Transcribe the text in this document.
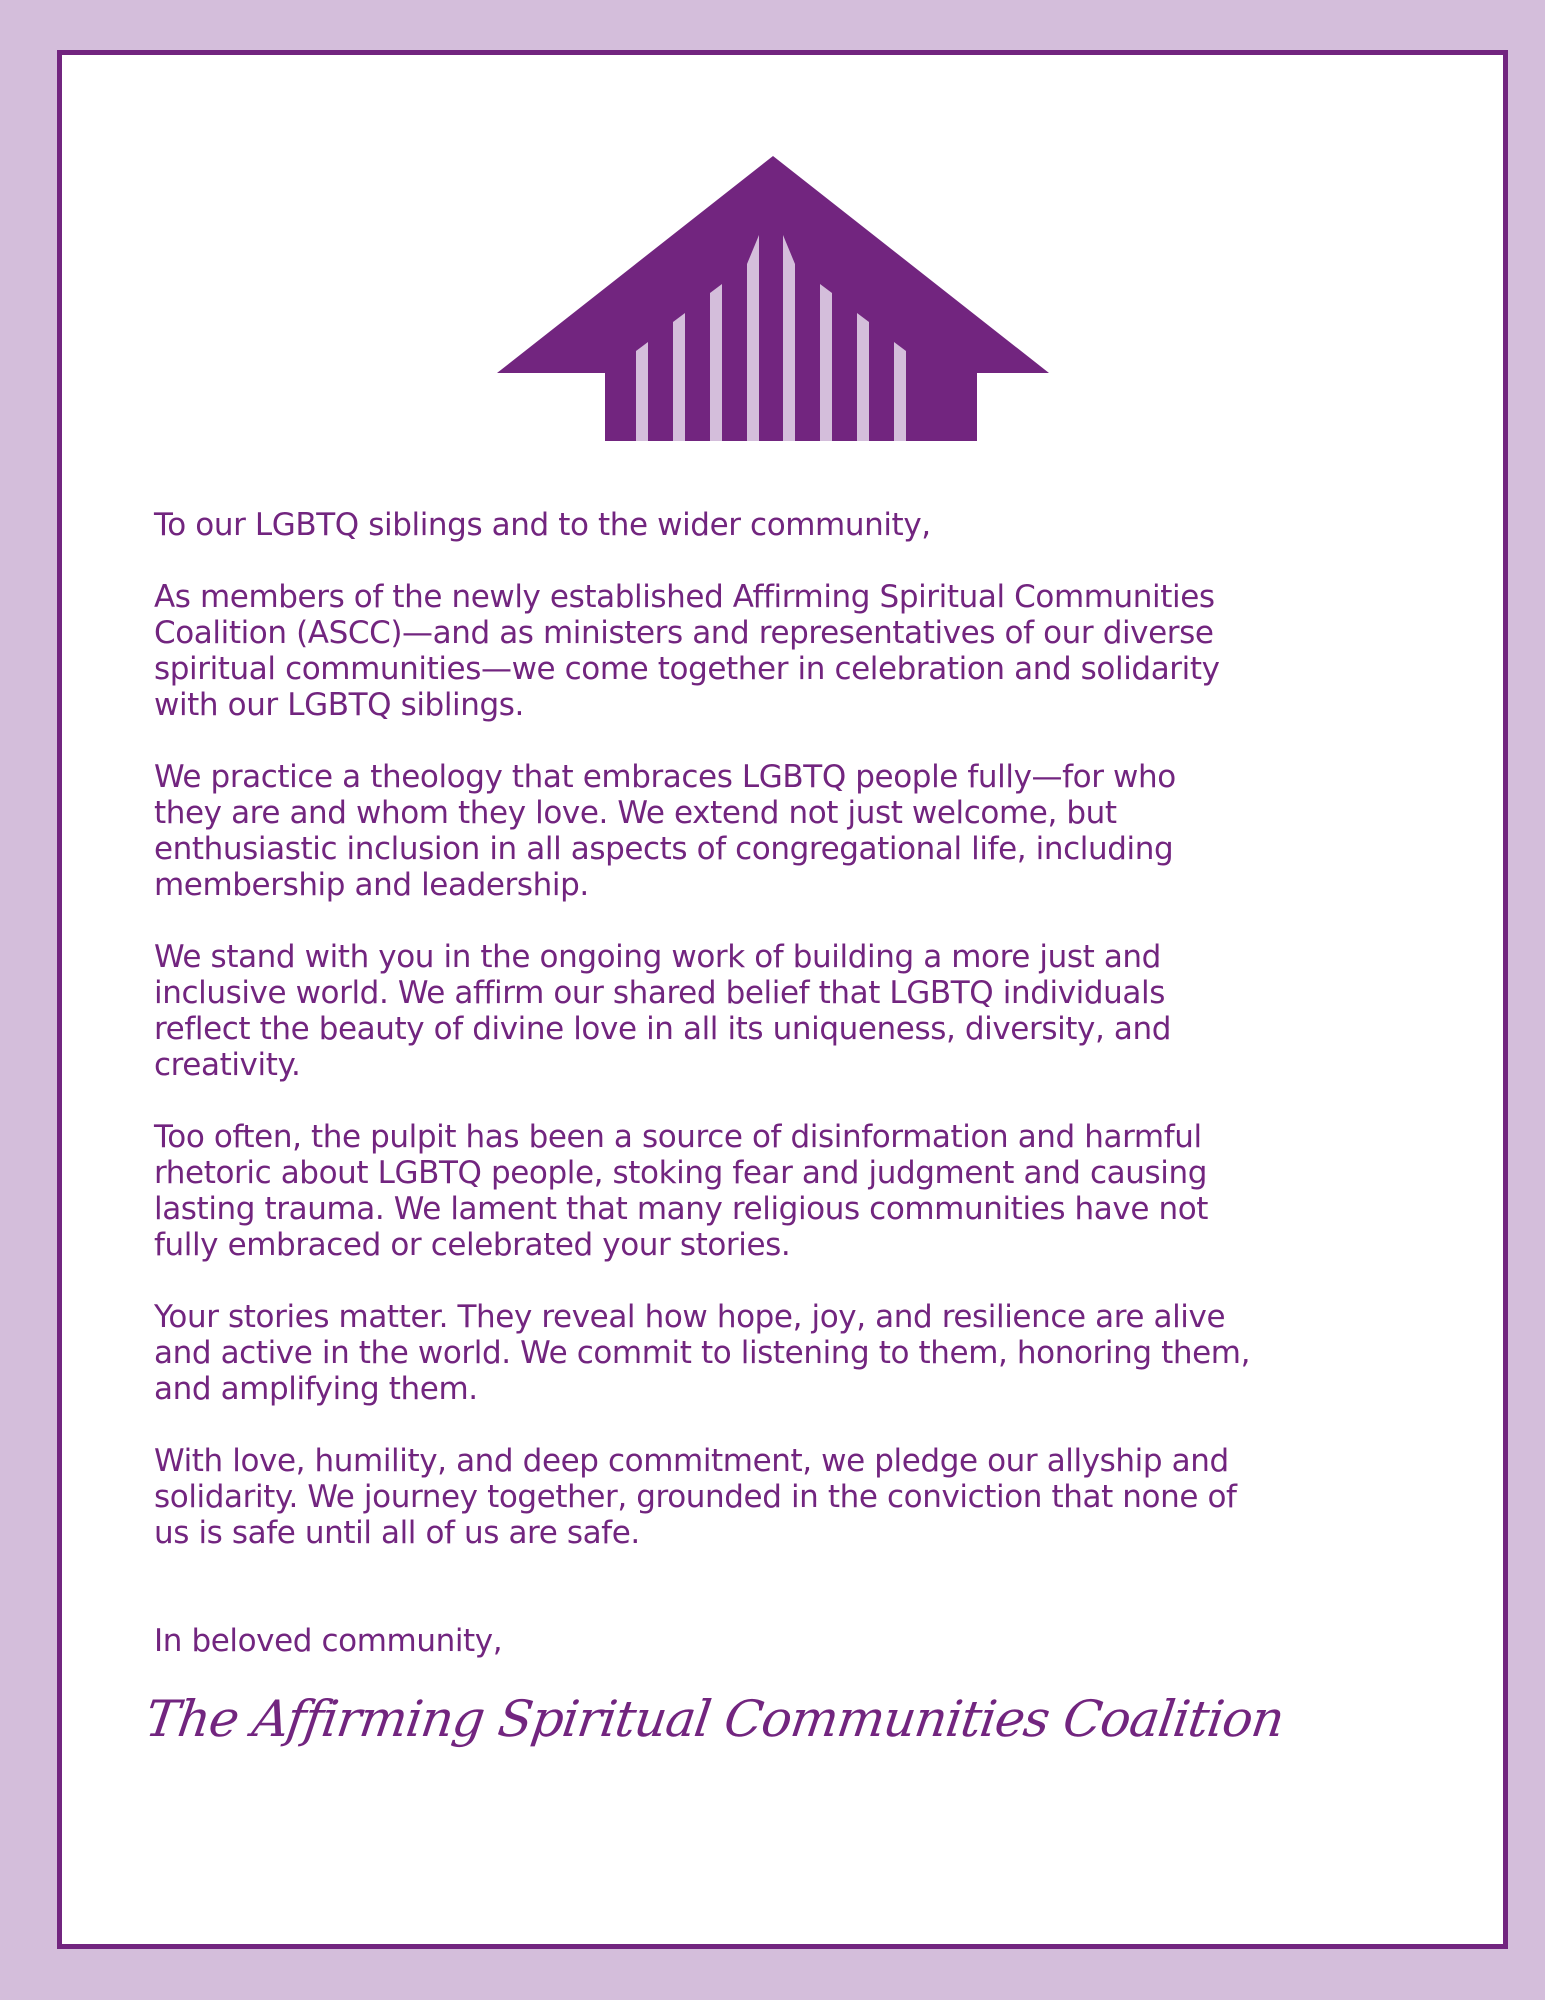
To our LGBTQ siblings and to the wider community,

As members of the newly established Affirming Spiritual Communities
Coalition (ASCC)—and as ministers and representatives of our diverse
spiritual communities—we come together in celebration and solidarity
with our LGBTQ siblings.

We practice a theology that embraces LGBTQ people fully—for who
they are and whom they love. We extend not just welcome, but
enthusiastic inclusion in all aspects of congregational life, including
membership and leadership.

We stand with you in the ongoing work of building a more just and
inclusive world. We affirm our shared belief that LGBTQ individuals
reflect the beauty of divine love in all its uniqueness, diversity, and
creativity.

Too often, the pulpit has been a source of disinformation and harmful
rhetoric about LGBTQ people, stoking fear and judgment and causing
lasting trauma. We lament that many religious communities have not
fully embraced or celebrated your stories.

Your stories matter. They reveal how hope, joy, and resilience are alive
and active in the world. We commit to listening to them, honoring them,
and amplifying them.

With love, humility, and deep commitment, we pledge our allyship and
solidarity. We journey together, grounded in the conviction that none of
us is safe until all of us are safe.

In beloved community,

The Affirming Spiritual Communities Coalition
